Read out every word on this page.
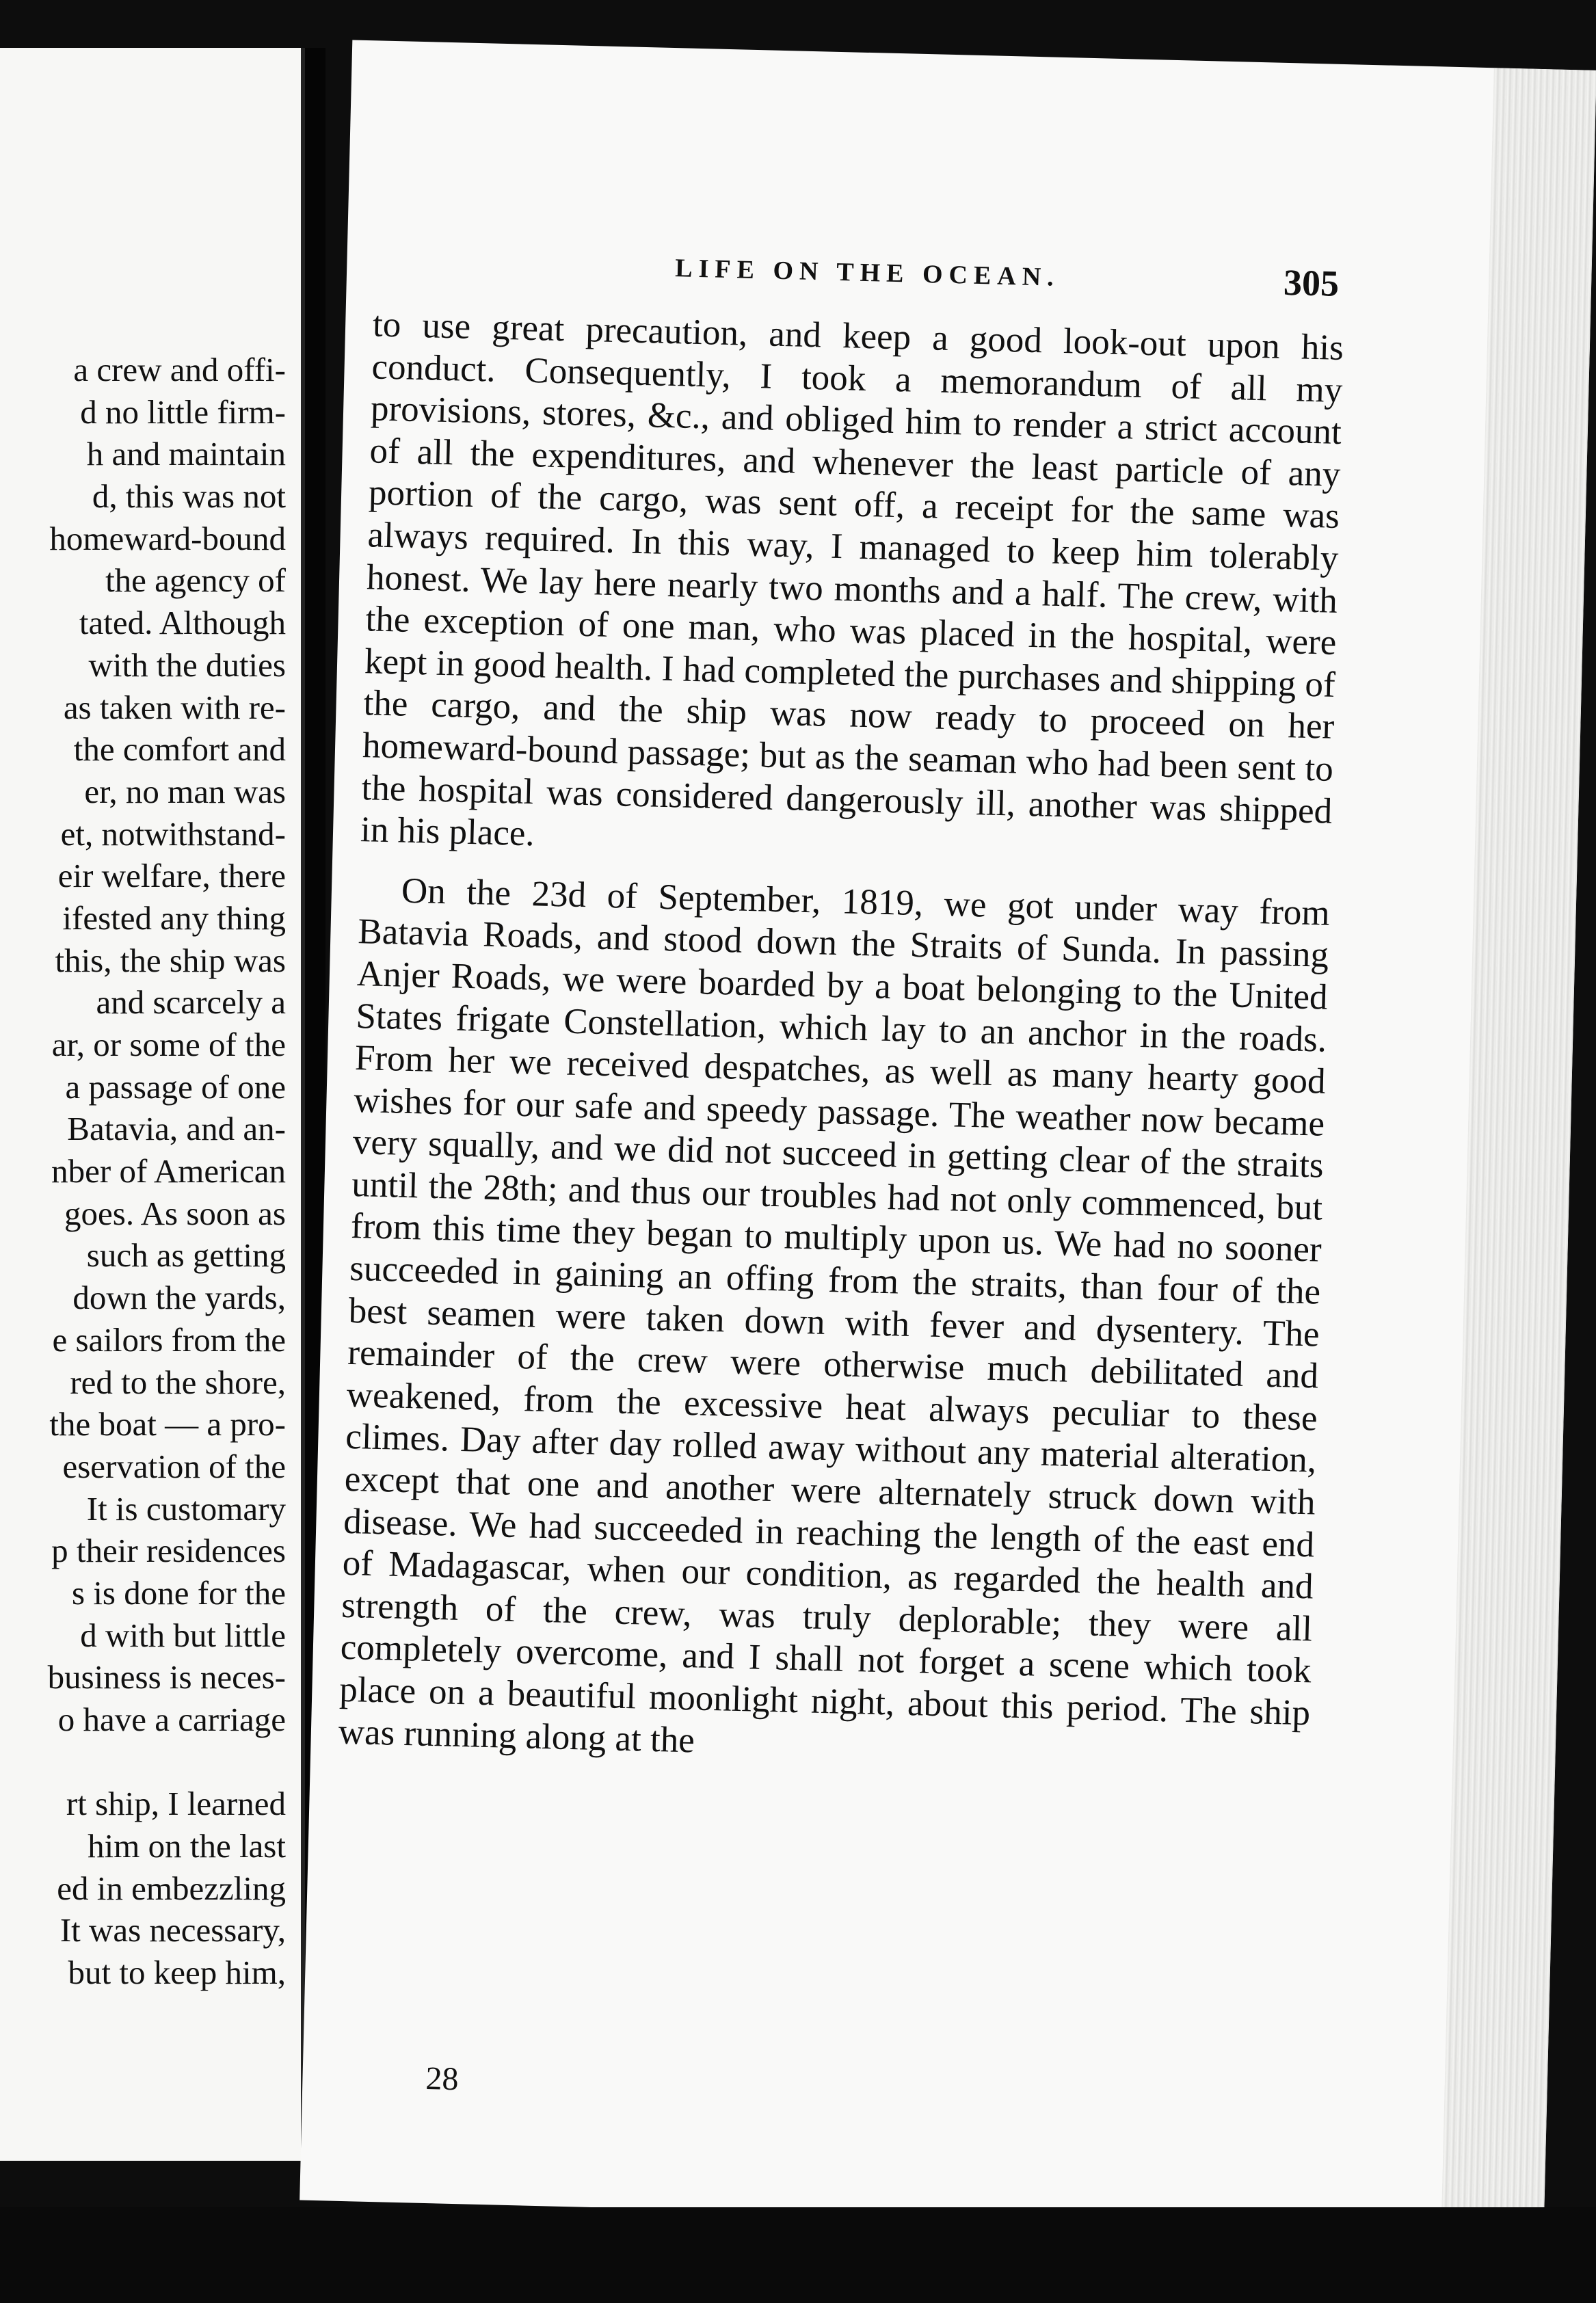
a crew and offi-
d no little firm-
h and maintain
d, this was not
homeward-bound
the agency of
tated. Although
with the duties
as taken with re-
the comfort and
er, no man was
et, notwithstand-
eir welfare, there
ifested any thing
this, the ship was
and scarcely a
ar, or some of the
a passage of one
Batavia, and an-
nber of American
goes. As soon as
such as getting
down the yards,
e sailors from the
red to the shore,
the boat — a pro-
eservation of the
It is customary
p their residences
s is done for the
d with but little
business is neces-
o have a carriage
rt ship, I learned
him on the last
ed in embezzling
It was necessary,
but to keep him,
LIFE ON THE OCEAN.	305

to use great precaution, and keep a good look-out upon his conduct. Consequently, I took a memorandum of all my provisions, stores, &c., and obliged him to render a strict account of all the expenditures, and whenever the least particle of any portion of the cargo, was sent off, a receipt for the same was always required. In this way, I managed to keep him tolerably honest. We lay here nearly two months and a half. The crew, with the exception of one man, who was placed in the hospital, were kept in good health. I had completed the purchases and shipping of the cargo, and the ship was now ready to proceed on her homeward-bound passage; but as the seaman who had been sent to the hospital was considered dangerously ill, another was shipped in his place.

On the 23d of September, 1819, we got under way from Batavia Roads, and stood down the Straits of Sunda. In passing Anjer Roads, we were boarded by a boat belonging to the United States frigate Constellation, which lay to an anchor in the roads. From her we received despatches, as well as many hearty good wishes for our safe and speedy passage. The weather now became very squally, and we did not succeed in getting clear of the straits until the 28th; and thus our troubles had not only commenced, but from this time they began to multiply upon us. We had no sooner succeeded in gaining an offing from the straits, than four of the best seamen were taken down with fever and dysentery. The remainder of the crew were otherwise much debilitated and weakened, from the excessive heat always peculiar to these climes. Day after day rolled away without any material alteration, except that one and another were alternately struck down with disease. We had succeeded in reaching the length of the east end of Madagascar, when our condition, as regarded the health and strength of the crew, was truly deplorable; they were all completely overcome, and I shall not forget a scene which took place on a beautiful moonlight night, about this period. The ship was running along at the

28
